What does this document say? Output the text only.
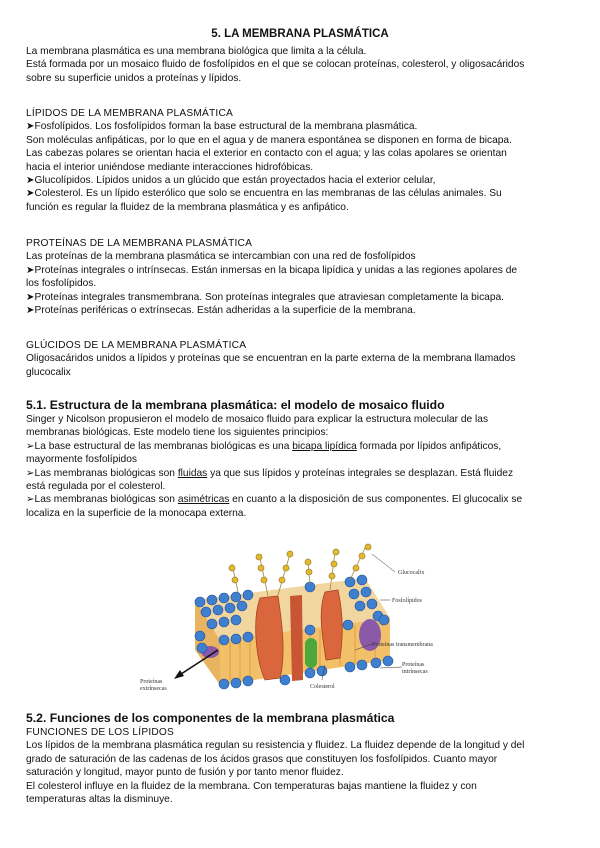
5. LA MEMBRANA PLASMÁTICA
La membrana plasmática es una membrana biológica que limita a la célula.
Está formada por un mosaico fluido de fosfolípidos en el que se colocan proteínas, colesterol, y oligosacáridos
sobre su superficie unidos a proteínas y lípidos.
LÍPIDOS DE LA MEMBRANA PLASMÁTICA
➤Fosfolípidos. Los fosfolípidos forman la base estructural de la membrana plasmática.
Son moléculas anfipáticas, por lo que en el agua y de manera espontánea se disponen en forma de bicapa.
Las cabezas polares se orientan hacia el exterior en contacto con el agua; y las colas apolares se orientan
hacia el interior uniéndose mediante interacciones hidrofóbicas.
➤Glucolípidos. Lípidos unidos a un glúcido que están proyectados hacia el exterior celular,
➤Colesterol. Es un lípido esterólico que solo se encuentra en las membranas de las células animales. Su
función es regular la fluidez de la membrana plasmática y es anfipático.
PROTEÍNAS DE LA MEMBRANA PLASMÁTICA
Las proteínas de la membrana plasmática se intercambian con una red de fosfolípidos
➤Proteínas integrales o intrínsecas. Están inmersas en la bicapa lipídica y unidas a las regiones apolares de
los fosfolípidos.
➤Proteínas integrales transmembrana. Son proteínas integrales que atraviesan completamente la bicapa.
➤Proteínas periféricas o extrínsecas. Están adheridas a la superficie de la membrana.
GLÚCIDOS DE LA MEMBRANA PLASMÁTICA
Oligosacáridos unidos a lípidos y proteínas que se encuentran en la parte externa de la membrana llamados
glucocalix
5.1. Estructura de la membrana plasmática: el modelo de mosaico fluido
Singer y Nicolson propusieron el modelo de mosaico fluido para explicar la estructura molecular de las
membranas biológicas. Este modelo tiene los siguientes principios:
➢La base estructural de las membranas biológicas es una bicapa lipídica formada por lípidos anfipáticos,
mayormente fosfolípidos
➢Las membranas biológicas son fluidas ya que sus lípidos y proteínas integrales se desplazan. Está fluidez
está regulada por el colesterol.
➢Las membranas biológicas son asimétricas en cuanto a la disposición de sus componentes. El glucocalix se
localiza en la superficie de la monocapa externa.
Glucocalix
Fosfolípidos
Proteínas transmembrana
Proteínas
intrínsecas
Proteínas
extrínsecas	Colesterol
5.2. Funciones de los componentes de la membrana plasmática
FUNCIONES DE LOS LÍPIDOS
Los lípidos de la membrana plasmática regulan su resistencia y fluidez. La fluidez depende de la longitud y del
grado de saturación de las cadenas de los ácidos grasos que constituyen los fosfolípidos. Cuanto mayor
saturación y longitud, mayor punto de fusión y por tanto menor fluidez.
El colesterol influye en la fluidez de la membrana. Con temperaturas bajas mantiene la fluidez y con
temperaturas altas la disminuye.
